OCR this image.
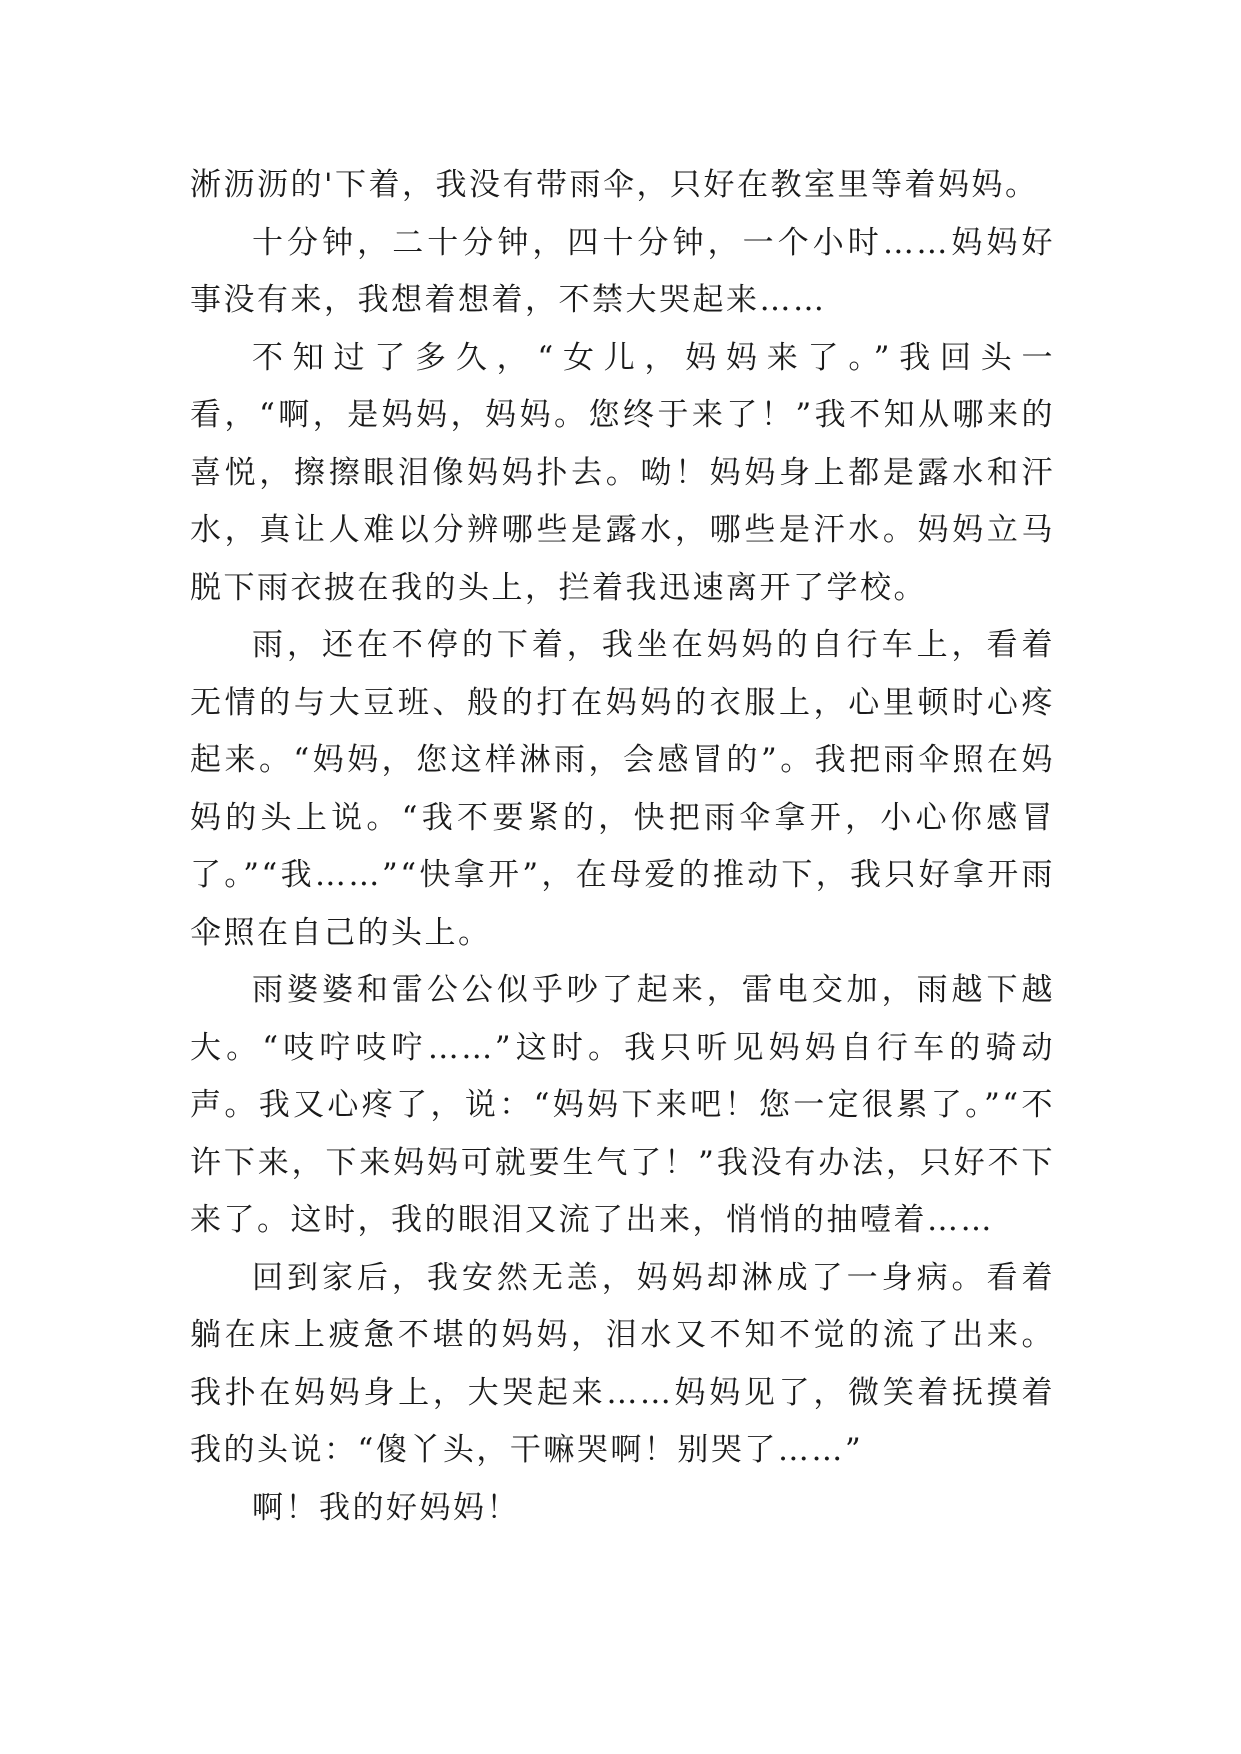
淅沥沥的'下着，我没有带雨伞，只好在教室里等着妈妈。

十分钟，二十分钟，四十分钟，一个小时……妈妈好事没有来，我想着想着，不禁大哭起来……

不知过了多久，“女儿，妈妈来了。”我回头一看，“啊，是妈妈，妈妈。您终于来了！”我不知从哪来的喜悦，擦擦眼泪像妈妈扑去。呦！妈妈身上都是露水和汗水，真让人难以分辨哪些是露水，哪些是汗水。妈妈立马脱下雨衣披在我的头上，拦着我迅速离开了学校。

雨，还在不停的下着，我坐在妈妈的自行车上，看着无情的与大豆班、般的打在妈妈的衣服上，心里顿时心疼起来。“妈妈，您这样淋雨，会感冒的”。我把雨伞照在妈妈的头上说。“我不要紧的，快把雨伞拿开，小心你感冒了。”“我……”“快拿开”，在母爱的推动下，我只好拿开雨伞照在自己的头上。

雨婆婆和雷公公似乎吵了起来，雷电交加，雨越下越大。“吱咛吱咛……”这时。我只听见妈妈自行车的骑动声。我又心疼了，说：“妈妈下来吧！您一定很累了。”“不许下来，下来妈妈可就要生气了！”我没有办法，只好不下来了。这时，我的眼泪又流了出来，悄悄的抽噎着……

回到家后，我安然无恙，妈妈却淋成了一身病。看着躺在床上疲惫不堪的妈妈，泪水又不知不觉的流了出来。我扑在妈妈身上，大哭起来……妈妈见了，微笑着抚摸着我的头说：“傻丫头，干嘛哭啊！别哭了……”

啊！我的好妈妈！
